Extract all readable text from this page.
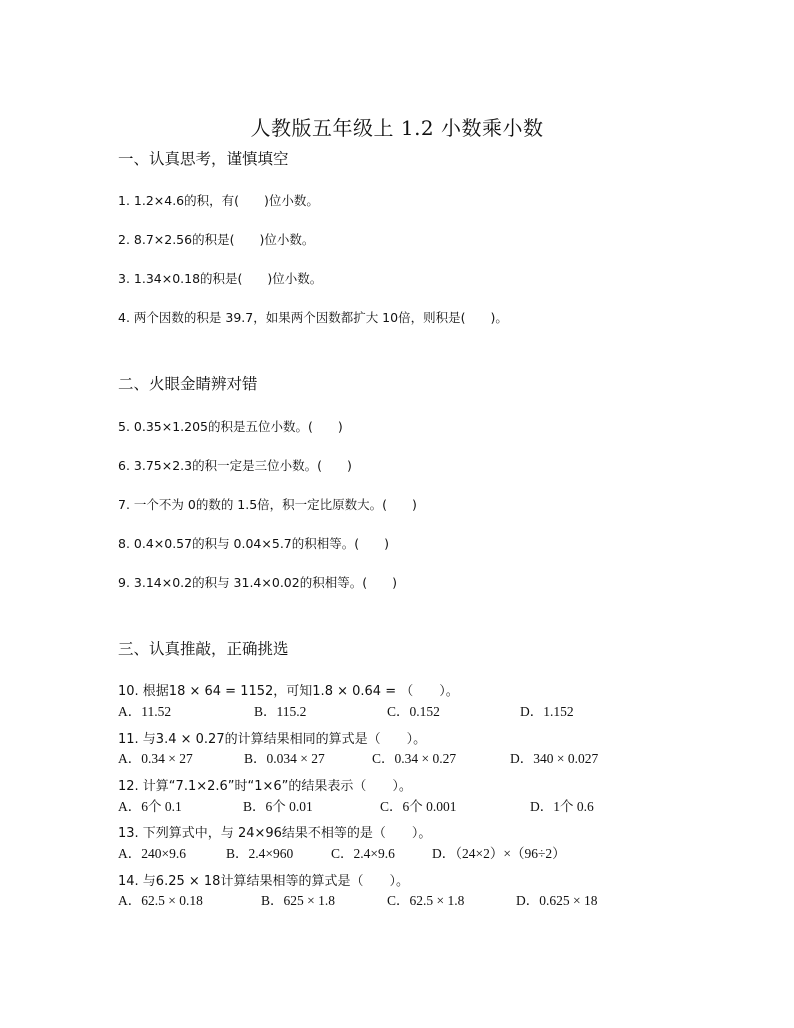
人教版五年级上 1.2 小数乘小数
一、认真思考，谨慎填空
1. 1.2×4.6的积，有(　　)位小数。
2. 8.7×2.56的积是(　　)位小数。
3. 1.34×0.18的积是(　　)位小数。
4. 两个因数的积是 39.7，如果两个因数都扩大 10倍，则积是(　　)。
二、火眼金睛辨对错
5. 0.35×1.205的积是五位小数。(　　)
6. 3.75×2.3的积一定是三位小数。(　　)
7. 一个不为 0的数的 1.5倍，积一定比原数大。(　　)
8. 0.4×0.57的积与 0.04×5.7的积相等。(　　)
9. 3.14×0.2的积与 31.4×0.02的积相等。(　　)
三、认真推敲，正确挑选
10. 根据18 × 64 = 1152，可知1.8 × 0.64 = （　　）。
A．11.52	B．115.2	C．0.152	D．1.152
11. 与3.4 × 0.27的计算结果相同的算式是（　　）。
A．0.34 × 27	B．0.034 × 27	C．0.34 × 0.27	D．340 × 0.027
12. 计算“7.1×2.6”时“1×6”的结果表示（　　）。
A．6个 0.1	B．6个 0.01	C．6个 0.001	D．1个 0.6
13. 下列算式中，与 24×96结果不相等的是（　　）。
A．240×9.6	B．2.4×960	C．2.4×9.6	D．（24×2）×（96÷2）
14. 与6.25 × 18计算结果相等的算式是（　　）。
A．62.5 × 0.18	B．625 × 1.8	C．62.5 × 1.8	D．0.625 × 18
